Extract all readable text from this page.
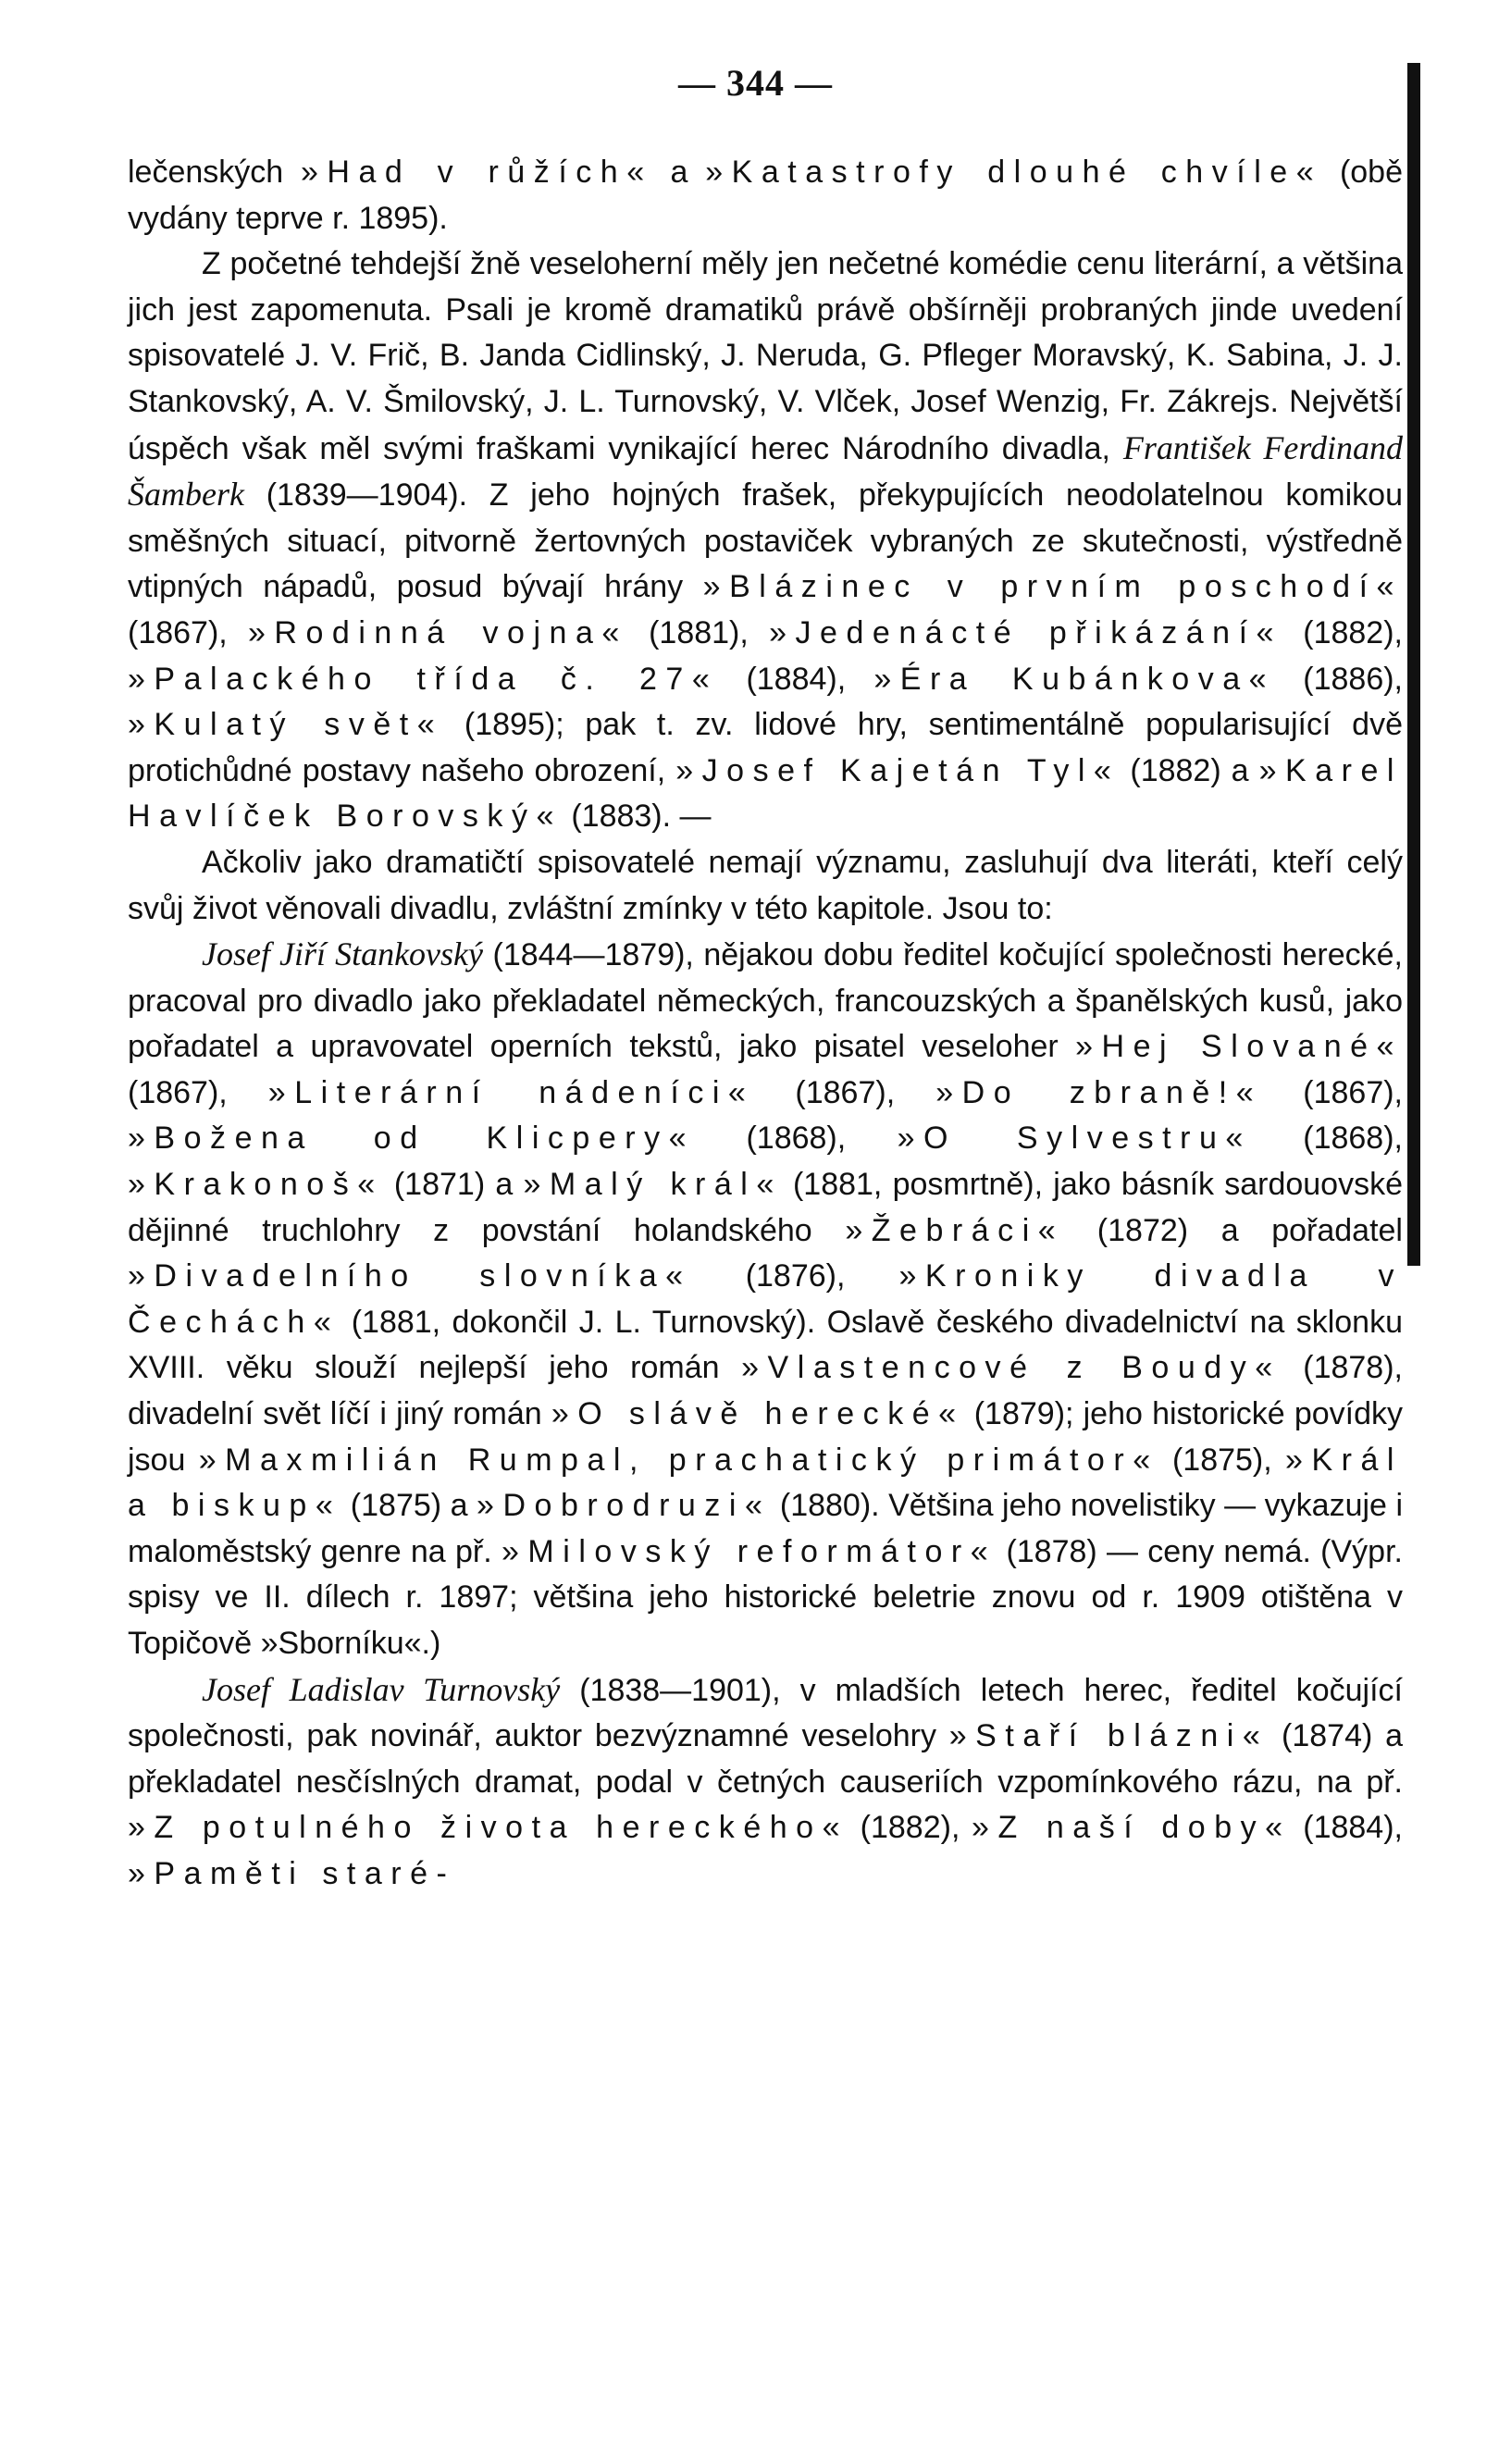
— 344 —

lečenských »Had v růžích« a »Katastrofy dlouhé chvíle« (obě vydány teprve r. 1895).

Z početné tehdejší žně veseloherní měly jen nečetné komédie cenu literární, a většina jich jest zapomenuta. Psali je kromě dramatiků právě obšírněji probraných jinde uvedení spisovatelé J. V. Frič, B. Janda Cidlinský, J. Neruda, G. Pfleger Moravský, K. Sabina, J. J. Stankovský, A. V. Šmilovský, J. L. Turnovský, V. Vlček, Josef Wenzig, Fr. Zákrejs. Největší úspěch však měl svými fraškami vynikající herec Národního divadla, František Ferdinand Šamberk (1839—1904). Z jeho hojných frašek, překypujících neodolatelnou komikou směšných situací, pitvorně žertovných postaviček vybraných ze skutečnosti, výstředně vtipných nápadů, posud bývají hrány »Blázinec v prvním poschodí« (1867), »Rodinná vojna« (1881), »Jedenácté přikázání« (1882), »Palackého třída č. 27« (1884), »Éra Kubánkova« (1886), »Kulatý svět« (1895); pak t. zv. lidové hry, sentimentálně popularisující dvě protichůdné postavy našeho obrození, »Josef Kajetán Tyl« (1882) a »Karel Havlíček Borovský« (1883). —

Ačkoliv jako dramatičtí spisovatelé nemají významu, zasluhují dva literáti, kteří celý svůj život věnovali divadlu, zvláštní zmínky v této kapitole. Jsou to:

Josef Jiří Stankovský (1844—1879), nějakou dobu ředitel kočující společnosti herecké, pracoval pro divadlo jako překladatel německých, francouzských a španělských kusů, jako pořadatel a upravovatel operních tekstů, jako pisatel veseloher »Hej Slované« (1867), »Literární nádeníci« (1867), »Do zbraně!« (1867), »Božena od Klicpery« (1868), »O Sylvestru« (1868), »Krakonoš« (1871) a »Malý král« (1881, posmrtně), jako básník sardouovské dějinné truchlohry z povstání holandského »Žebráci« (1872) a pořadatel »Divadelního slovníka« (1876), »Kroniky divadla v Čechách« (1881, dokončil J. L. Turnovský). Oslavě českého divadelnictví na sklonku XVIII. věku slouží nejlepší jeho román »Vlastencové z Boudy« (1878), divadelní svět líčí i jiný román »O slávě herecké« (1879); jeho historické povídky jsou »Maxmilián Rumpal, prachatický primátor« (1875), »Král a biskup« (1875) a »Dobrodruzi« (1880). Většina jeho novelistiky — vykazuje i maloměstský genre na př. »Milovský reformátor« (1878) — ceny nemá. (Výpr. spisy ve II. dílech r. 1897; většina jeho historické beletrie znovu od r. 1909 otištěna v Topičově »Sborníku«.)

Josef Ladislav Turnovský (1838—1901), v mladších letech herec, ředitel kočující společnosti, pak novinář, auktor bezvýznamné veselohry »Staří blázni« (1874) a překladatel nesčíslných dramat, podal v četných causeriích vzpomínkového rázu, na př. »Z potulného života hereckého« (1882), »Z naší doby« (1884), »Paměti staré-
